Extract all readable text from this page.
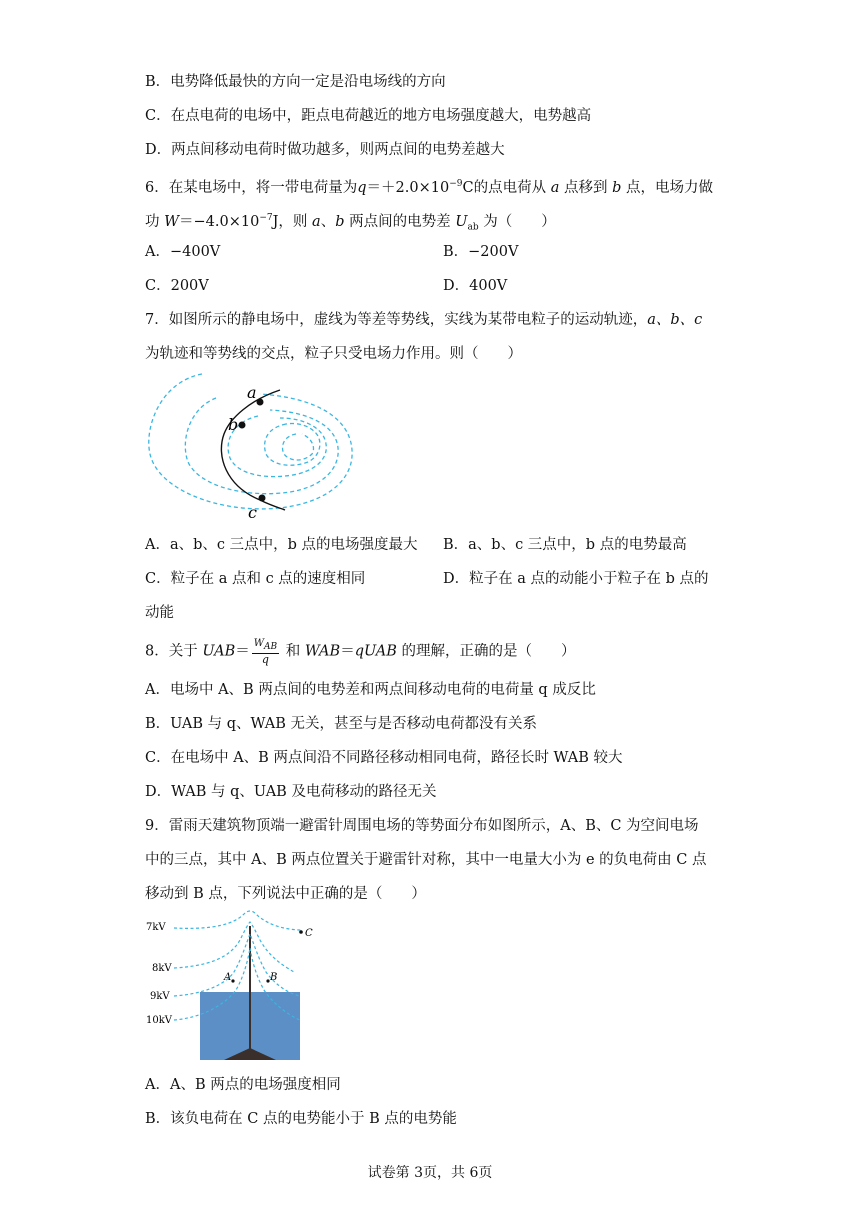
B．电势降低最快的方向一定是沿电场线的方向
C．在点电荷的电场中，距点电荷越近的地方电场强度越大，电势越高
D．两点间移动电荷时做功越多，则两点间的电势差越大
6．在某电场中，将一带电荷量为$q=+2.0\times 10^{-9}C$的点电荷从 a 点移到 b 点，电场力做
功 $W=-4.0\times 10^{-7}J$，则 a、b 两点间的电势差 $U_{ab}$ 为（　　）
A．−400V	B．−200V
C．200V	D．400V
7．如图所示的静电场中，虚线为等差等势线，实线为某带电粒子的运动轨迹，a、b、c
为轨迹和等势线的交点，粒子只受电场力作用。则（　　）
a
b
c
A．a、b、c 三点中，b 点的电场强度最大 B．a、b、c 三点中，b 点的电势最高
C．粒子在 a 点和 c 点的速度相同	D．粒子在 a 点的动能小于粒子在 b 点的
动能
8．关于 $UAB= \frac{W_{AB}}{q}$ 和 WAB＝qUAB 的理解，正确的是（　　）
A．电场中 A、B 两点间的电势差和两点间移动电荷的电荷量 q 成反比
B．UAB 与 q、WAB 无关，甚至与是否移动电荷都没有关系
C．在电场中 A、B 两点间沿不同路径移动相同电荷，路径长时 WAB 较大
D．WAB 与 q、UAB 及电荷移动的路径无关
9．雷雨天建筑物顶端一避雷针周围电场的等势面分布如图所示，A、B、C 为空间电场
中的三点，其中 A、B 两点位置关于避雷针对称，其中一电量大小为 e 的负电荷由 C 点
移动到 B 点，下列说法中正确的是（　　）
7kV
8kV
9kV
10kV
C
A	B
A．A、B 两点的电场强度相同
B．该负电荷在 C 点的电势能小于 B 点的电势能
试卷第 3页，共 6页
